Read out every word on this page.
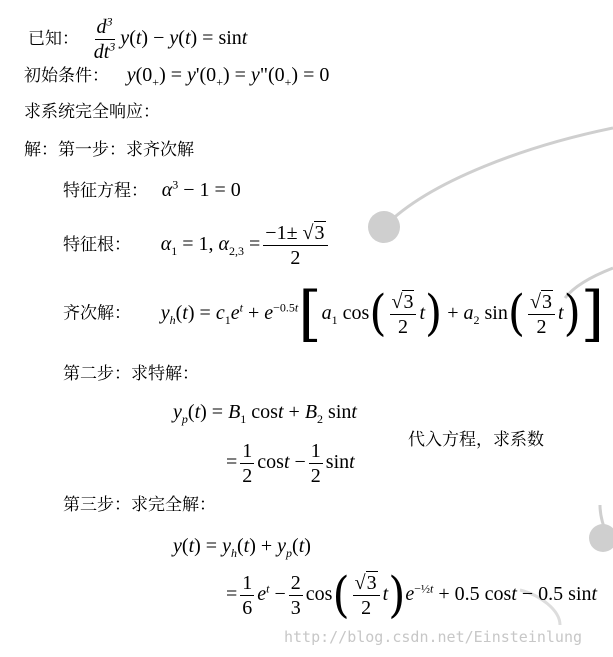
已知： $\frac{d^3}{dt^3} y(t) - y(t) = \sin t$
初始条件： $y(0_+) = y'(0_+)$ = $y"(0_+) = 0$
求系统完全响应：
解：第一步：求齐次解
特征方程： $\alpha^3 - 1 = 0$
特征根： $\alpha_1 = 1$, $\alpha_{2,3} = \frac{-1\pm √3}{2}$
齐次解： $y_h(t) = c_1e^t + e^{-0.5t}[a_1$ $\cos( \frac{√3}{2} t) + a_2$ $\sin( \frac{√3}{2} t)$]
第二步：求特解：
$y_p(t) = B_1$ $\cos t + B_2$ sint
代入方程，求系数
= $\frac{1}{2}$ $\cos t - \frac{1}{2}$ sint
第三步：求完全解：
$y(t) = y_h(t) + y_p(t)$
= $\frac{1}{6} e^t - \frac{2}{3} \cos( \frac{√3}{2} t)e^{-\frac{1}{2}t} + 0.5$ cost − 0.5 sint
http://blog.csdn.net/Einsteinlung
